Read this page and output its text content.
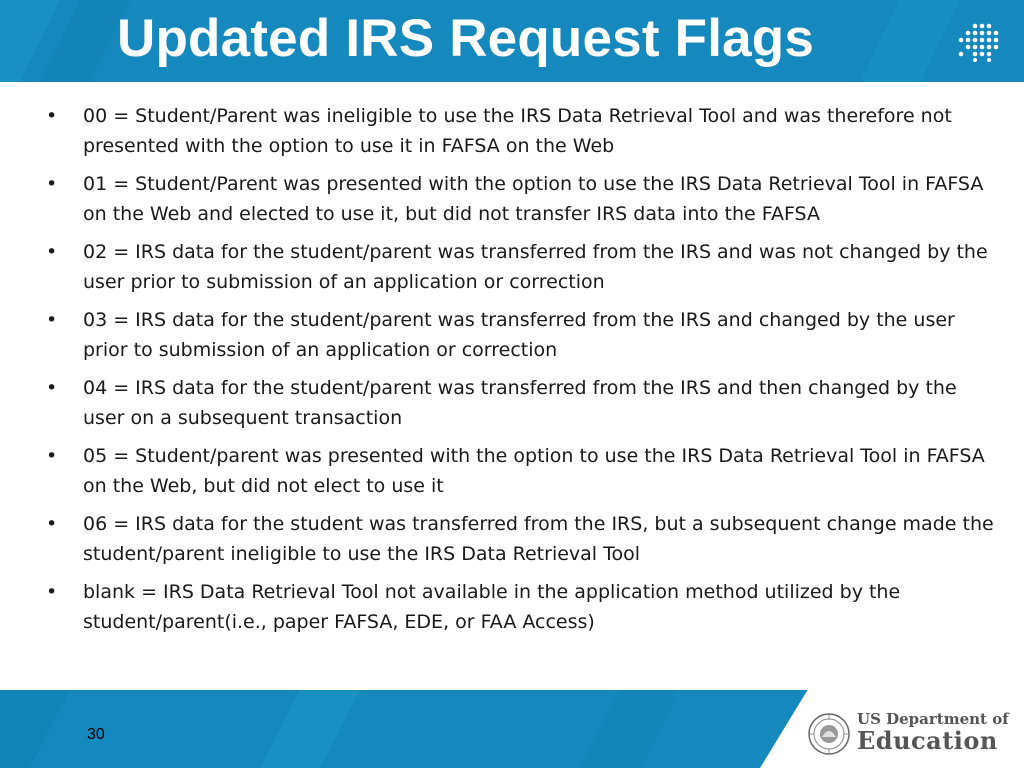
Updated IRS Request Flags
•	00 = Student/Parent was ineligible to use the IRS Data Retrieval Tool and was therefore not presented with the option to use it in FAFSA on the Web
•	01 = Student/Parent was presented with the option to use the IRS Data Retrieval Tool in FAFSA on the Web and elected to use it, but did not transfer IRS data into the FAFSA
•	02 = IRS data for the student/parent was transferred from the IRS and was not changed by the user prior to submission of an application or correction
•	03 = IRS data for the student/parent was transferred from the IRS and changed by the user prior to submission of an application or correction
•	04 = IRS data for the student/parent was transferred from the IRS and then changed by the user on a subsequent transaction
•	05 = Student/parent was presented with the option to use the IRS Data Retrieval Tool in FAFSA on the Web, but did not elect to use it
•	06 = IRS data for the student was transferred from the IRS, but a subsequent change made the student/parent ineligible to use the IRS Data Retrieval Tool
•	blank = IRS Data Retrieval Tool not available in the application method utilized by the student/parent(i.e., paper FAFSA, EDE, or FAA Access)
30
US Department of
Education
